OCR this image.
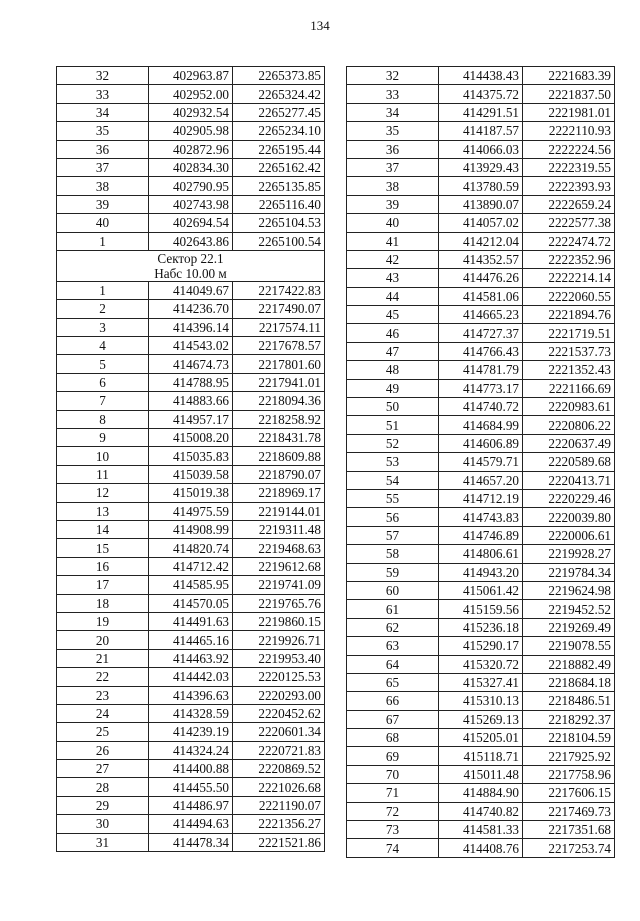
134
32	402963.87	2265373.85
33	402952.00	2265324.42
34	402932.54	2265277.45
35	402905.98	2265234.10
36	402872.96	2265195.44
37	402834.30	2265162.42
38	402790.95	2265135.85
39	402743.98	2265116.40
40	402694.54	2265104.53
1	402643.86	2265100.54

Сектор 22.1
Набс 10.00 м		

1	414049.67	2217422.83
2	414236.70	2217490.07
3	414396.14	2217574.11
4	414543.02	2217678.57
5	414674.73	2217801.60
6	414788.95	2217941.01
7	414883.66	2218094.36
8	414957.17	2218258.92
9	415008.20	2218431.78
10	415035.83	2218609.88
11	415039.58	2218790.07
12	415019.38	2218969.17
13	414975.59	2219144.01
14	414908.99	2219311.48
15	414820.74	2219468.63
16	414712.42	2219612.68
17	414585.95	2219741.09
18	414570.05	2219765.76
19	414491.63	2219860.15
20	414465.16	2219926.71
21	414463.92	2219953.40
22	414442.03	2220125.53
23	414396.63	2220293.00
24	414328.59	2220452.62
25	414239.19	2220601.34
26	414324.24	2220721.83
27	414400.88	2220869.52
28	414455.50	2221026.68
29	414486.97	2221190.07
30	414494.63	2221356.27
31	414478.34	2221521.86
32	414438.43	2221683.39
33	414375.72	2221837.50
34	414291.51	2221981.01
35	414187.57	2222110.93
36	414066.03	2222224.56
37	413929.43	2222319.55
38	413780.59	2222393.93
39	413890.07	2222659.24
40	414057.02	2222577.38
41	414212.04	2222474.72
42	414352.57	2222352.96
43	414476.26	2222214.14
44	414581.06	2222060.55
45	414665.23	2221894.76
46	414727.37	2221719.51
47	414766.43	2221537.73
48	414781.79	2221352.43
49	414773.17	2221166.69
50	414740.72	2220983.61
51	414684.99	2220806.22
52	414606.89	2220637.49
53	414579.71	2220589.68
54	414657.20	2220413.71
55	414712.19	2220229.46
56	414743.83	2220039.80
57	414746.89	2220006.61
58	414806.61	2219928.27
59	414943.20	2219784.34
60	415061.42	2219624.98
61	415159.56	2219452.52
62	415236.18	2219269.49
63	415290.17	2219078.55
64	415320.72	2218882.49
65	415327.41	2218684.18
66	415310.13	2218486.51
67	415269.13	2218292.37
68	415205.01	2218104.59
69	415118.71	2217925.92
70	415011.48	2217758.96
71	414884.90	2217606.15
72	414740.82	2217469.73
73	414581.33	2217351.68
74	414408.76	2217253.74
